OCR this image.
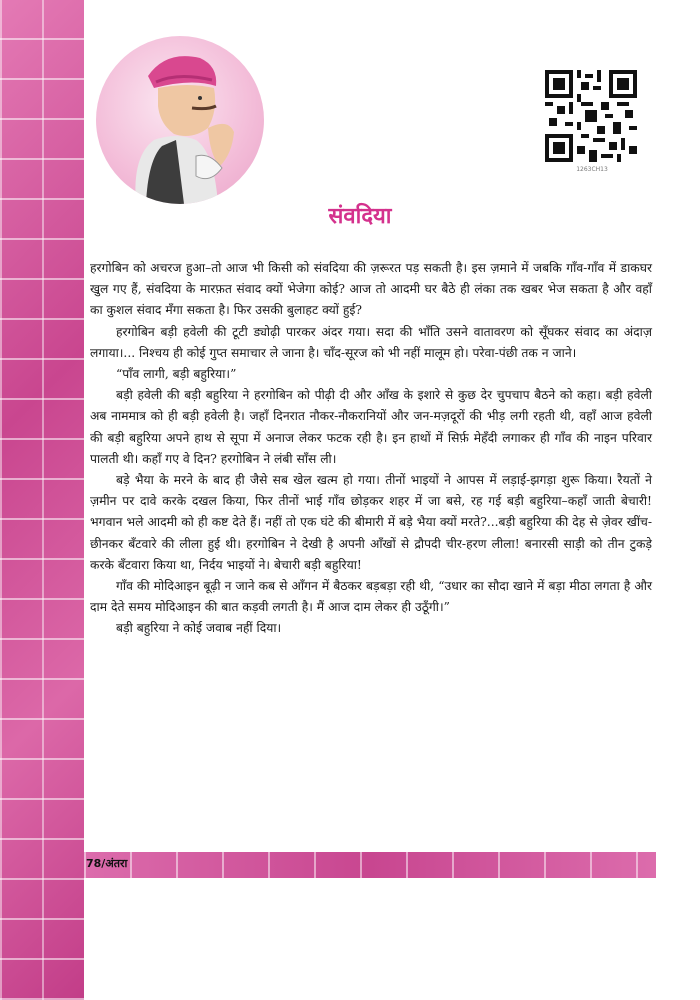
1263CH13
संवदिया

हरगोबिन को अचरज हुआ–तो आज भी किसी को संवदिया की ज़रूरत पड़ सकती है। इस ज़माने में जबकि गाँव-गाँव में डाकघर खुल गए हैं, संवदिया के मारफ़त संवाद क्यों भेजेगा कोई? आज तो आदमी घर बैठे ही लंका तक खबर भेज सकता है और वहाँ का कुशल संवाद मँगा सकता है। फिर उसकी बुलाहट क्यों हुई?

हरगोबिन बड़ी हवेली की टूटी ड्योढ़ी पारकर अंदर गया। सदा की भाँति उसने वातावरण को सूँघकर संवाद का अंदाज़ लगाया।... निश्चय ही कोई गुप्त समाचार ले जाना है। चाँद-सूरज को भी नहीं मालूम हो। परेवा-पंछी तक न जाने।

“पाँव लागी, बड़ी बहुरिया।”

बड़ी हवेली की बड़ी बहुरिया ने हरगोबिन को पीढ़ी दी और आँख के इशारे से कुछ देर चुपचाप बैठने को कहा। बड़ी हवेली अब नाममात्र को ही बड़ी हवेली है। जहाँ दिनरात नौकर-नौकरानियों और जन-मज़दूरों की भीड़ लगी रहती थी, वहाँ आज हवेली की बड़ी बहुरिया अपने हाथ से सूपा में अनाज लेकर फटक रही है। इन हाथों में सिर्फ़ मेहँदी लगाकर ही गाँव की नाइन परिवार पालती थी। कहाँ गए वे दिन? हरगोबिन ने लंबी साँस ली।

बड़े भैया के मरने के बाद ही जैसे सब खेल खत्म हो गया। तीनों भाइयों ने आपस में लड़ाई-झगड़ा शुरू किया। रैयतों ने ज़मीन पर दावे करके दखल किया, फिर तीनों भाई गाँव छोड़कर शहर में जा बसे, रह गई बड़ी बहुरिया–कहाँ जाती बेचारी! भगवान भले आदमी को ही कष्ट देते हैं। नहीं तो एक घंटे की बीमारी में बड़े भैया क्यों मरते?...बड़ी बहुरिया की देह से ज़ेवर खींच-छीनकर बँटवारे की लीला हुई थी। हरगोबिन ने देखी है अपनी आँखों से द्रौपदी चीर-हरण लीला! बनारसी साड़ी को तीन टुकड़े करके बँटवारा किया था, निर्दय भाइयों ने। बेचारी बड़ी बहुरिया!

गाँव की मोदिआइन बूढ़ी न जाने कब से आँगन में बैठकर बड़बड़ा रही थी, “उधार का सौदा खाने में बड़ा मीठा लगता है और दाम देते समय मोदिआइन की बात कड़वी लगती है। मैं आज दाम लेकर ही उठूँगी।”

बड़ी बहुरिया ने कोई जवाब नहीं दिया।

78/अंतरा
